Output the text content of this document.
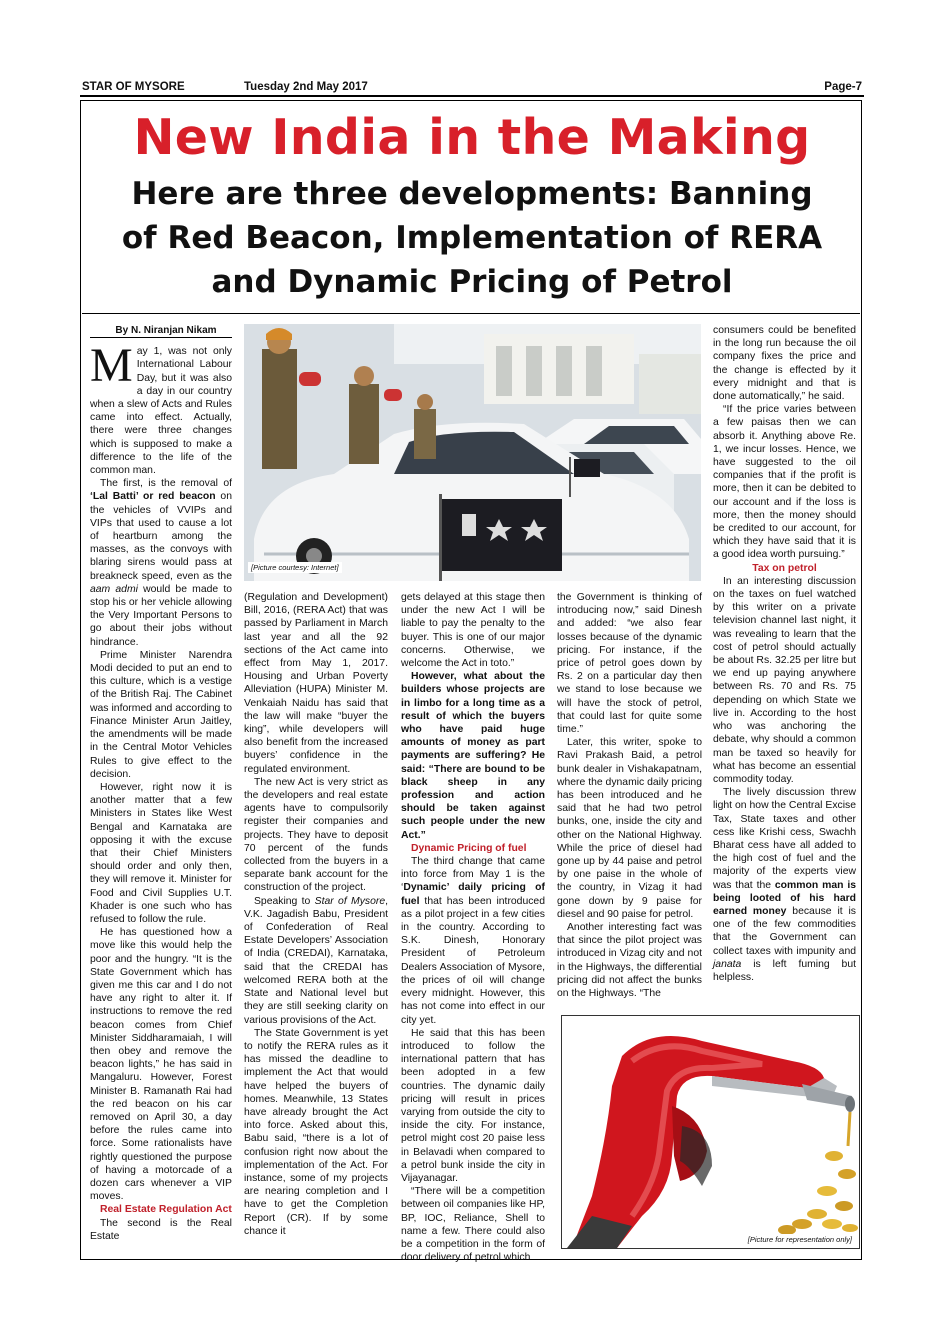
STAR OF MYSORE	Tuesday 2nd May 2017	Page-7
New India in the Making
Here are three developments: Banning
of Red Beacon, Implementation of RERA
and Dynamic Pricing of Petrol

By N. Niranjan Nikam

May 1, was not only International Labour Day, but it was also a day in our country when a slew of Acts and Rules came into effect. Actually, there were three changes which is supposed to make a difference to the life of the common man.

The first, is the removal of ‘Lal Batti’ or red beacon on the vehicles of VVIPs and VIPs that used to cause a lot of heartburn among the masses, as the convoys with blaring sirens would pass at breakneck speed, even as the aam admi would be made to stop his or her vehicle allowing the Very Important Persons to go about their jobs without hindrance.

Prime Minister Narendra Modi decided to put an end to this culture, which is a vestige of the British Raj. The Cabinet was informed and according to Finance Minister Arun Jaitley, the amendments will be made in the Central Motor Vehicles Rules to give effect to the decision.

However, right now it is another matter that a few Ministers in States like West Bengal and Karnataka are opposing it with the excuse that their Chief Ministers should order and only then, they will remove it. Minister for Food and Civil Supplies U.T. Khader is one such who has refused to follow the rule.

He has questioned how a move like this would help the poor and the hungry. “It is the State Government which has given me this car and I do not have any right to alter it. If instructions to remove the red beacon comes from Chief Minister Siddharamaiah, I will then obey and remove the beacon lights,” he has said in Mangaluru. However, Forest Minister B. Ramanath Rai had the red beacon on his car removed on April 30, a day before the rules came into force. Some rationalists have rightly questioned the purpose of having a motorcade of a dozen cars whenever a VIP moves.

Real Estate Regulation Act

The second is the Real Estate

[Picture courtesy: Internet]

(Regulation and Development) Bill, 2016, (RERA Act) that was passed by Parliament in March last year and all the 92 sections of the Act came into effect from May 1, 2017. Housing and Urban Poverty Alleviation (HUPA) Minister M. Venkaiah Naidu has said that the law will make “buyer the king”, while developers will also benefit from the increased buyers’ confidence in the regulated environment.

The new Act is very strict as the developers and real estate agents have to compulsorily register their companies and projects. They have to deposit 70 percent of the funds collected from the buyers in a separate bank account for the construction of the project.

Speaking to Star of Mysore, V.K. Jagadish Babu, President of Confederation of Real Estate Developers’ Association of India (CREDAI), Karnataka, said that the CREDAI has welcomed RERA both at the State and National level but they are still seeking clarity on various provisions of the Act.

The State Government is yet to notify the RERA rules as it has missed the deadline to implement the Act that would have helped the buyers of homes. Meanwhile, 13 States have already brought the Act into force. Asked about this, Babu said, “there is a lot of confusion right now about the implementation of the Act. For instance, some of my projects are nearing completion and I have to get the Completion Report (CR). If by some chance it

gets delayed at this stage then under the new Act I will be liable to pay the penalty to the buyer. This is one of our major concerns. Otherwise, we welcome the Act in toto.”

However, what about the builders whose projects are in limbo for a long time as a result of which the buyers who have paid huge amounts of money as part payments are suffering? He said: “There are bound to be black sheep in any profession and action should be taken against such people under the new Act.”

Dynamic Pricing of fuel

The third change that came into force from May 1 is the ‘Dynamic’ daily pricing of fuel that has been introduced as a pilot project in a few cities in the country. According to S.K. Dinesh, Honorary President of Petroleum Dealers Association of Mysore, the prices of oil will change every midnight. However, this has not come into effect in our city yet.

He said that this has been introduced to follow the international pattern that has been adopted in a few countries. The dynamic daily pricing will result in prices varying from outside the city to inside the city. For instance, petrol might cost 20 paise less in Belavadi when compared to a petrol bunk inside the city in Vijayanagar.

“There will be a competition between oil companies like HP, BP, IOC, Reliance, Shell to name a few. There could also be a competition in the form of door delivery of petrol which

the Government is thinking of introducing now,” said Dinesh and added: “we also fear losses because of the dynamic pricing. For instance, if the price of petrol goes down by Rs. 2 on a particular day then we stand to lose because we will have the stock of petrol, that could last for quite some time.”

Later, this writer, spoke to Ravi Prakash Baid, a petrol bunk dealer in Vishakapatnam, where the dynamic daily pricing has been introduced and he said that he had two petrol bunks, one, inside the city and other on the National Highway. While the price of diesel had gone up by 44 paise and petrol by one paise in the whole of the country, in Vizag it had gone down by 9 paise for diesel and 90 paise for petrol.

Another interesting fact was that since the pilot project was introduced in Vizag city and not in the Highways, the differential pricing did not affect the bunks on the Highways. “The

consumers could be benefited in the long run because the oil company fixes the price and the change is effected by it every midnight and that is done automatically,” he said.

“If the price varies between a few paisas then we can absorb it. Anything above Re. 1, we incur losses. Hence, we have suggested to the oil companies that if the profit is more, then it can be debited to our account and if the loss is more, then the money should be credited to our account, for which they have said that it is a good idea worth pursuing.”

Tax on petrol

In an interesting discussion on the taxes on fuel watched by this writer on a private television channel last night, it was revealing to learn that the cost of petrol should actually be about Rs. 32.25 per litre but we end up paying anywhere between Rs. 70 and Rs. 75 depending on which State we live in. According to the host who was anchoring the debate, why should a common man be taxed so heavily for what has become an essential commodity today.

The lively discussion threw light on how the Central Excise Tax, State taxes and other cess like Krishi cess, Swachh Bharat cess have all added to the high cost of fuel and the majority of the experts view was that the common man is being looted of his hard earned money because it is one of the few commodities that the Government can collect taxes with impunity and janata is left fuming but helpless.

[Picture for representation only]
